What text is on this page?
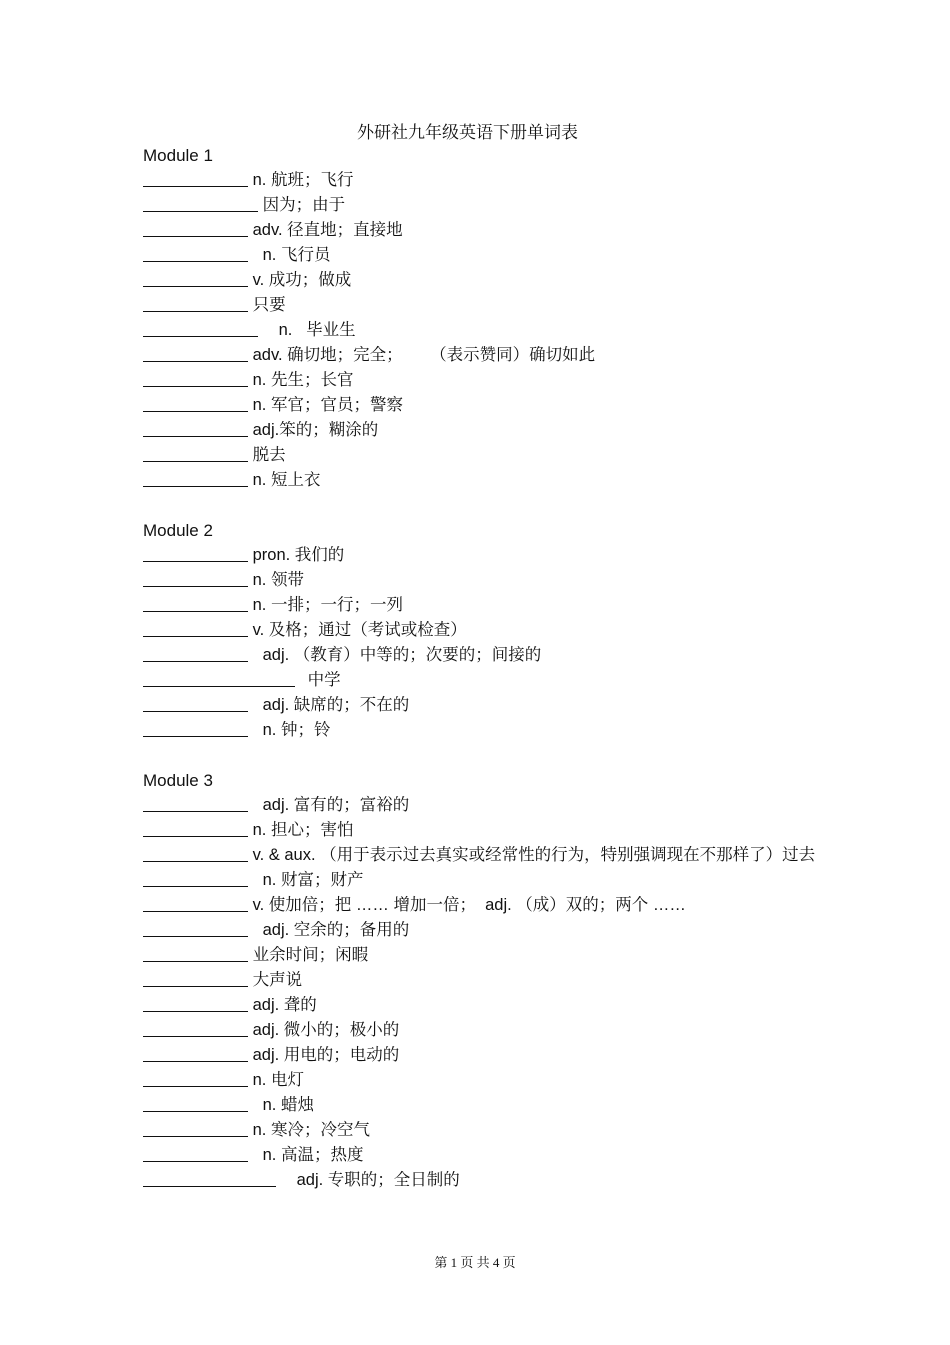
外研社九年级英语下册单词表
Module 1
n. 航班；飞行
因为；由于
adv. 径直地；直接地
n. 飞行员
v. 成功；做成
只要
n.   毕业生
adv. 确切地；完全；      （表示赞同）确切如此
n. 先生；长官
n. 军官；官员；警察
adj.笨的；糊涂的
脱去
n. 短上衣
Module 2
pron. 我们的
n. 领带
n. 一排；一行；一列
v. 及格；通过（考试或检查）
adj. （教育）中等的；次要的；间接的
中学
adj. 缺席的；不在的
n. 钟；铃
Module 3
adj. 富有的；富裕的
n. 担心；害怕
v. & aux. （用于表示过去真实或经常性的行为，特别强调现在不那样了）过去
n. 财富；财产
v. 使加倍；把 …… 增加一倍；  adj. （成）双的；两个 ……
adj. 空余的；备用的
业余时间；闲暇
大声说
adj. 聋的
adj. 微小的；极小的
adj. 用电的；电动的
n. 电灯
n. 蜡烛
n. 寒冷；冷空气
n. 高温；热度
adj. 专职的；全日制的
第 1 页 共 4 页
